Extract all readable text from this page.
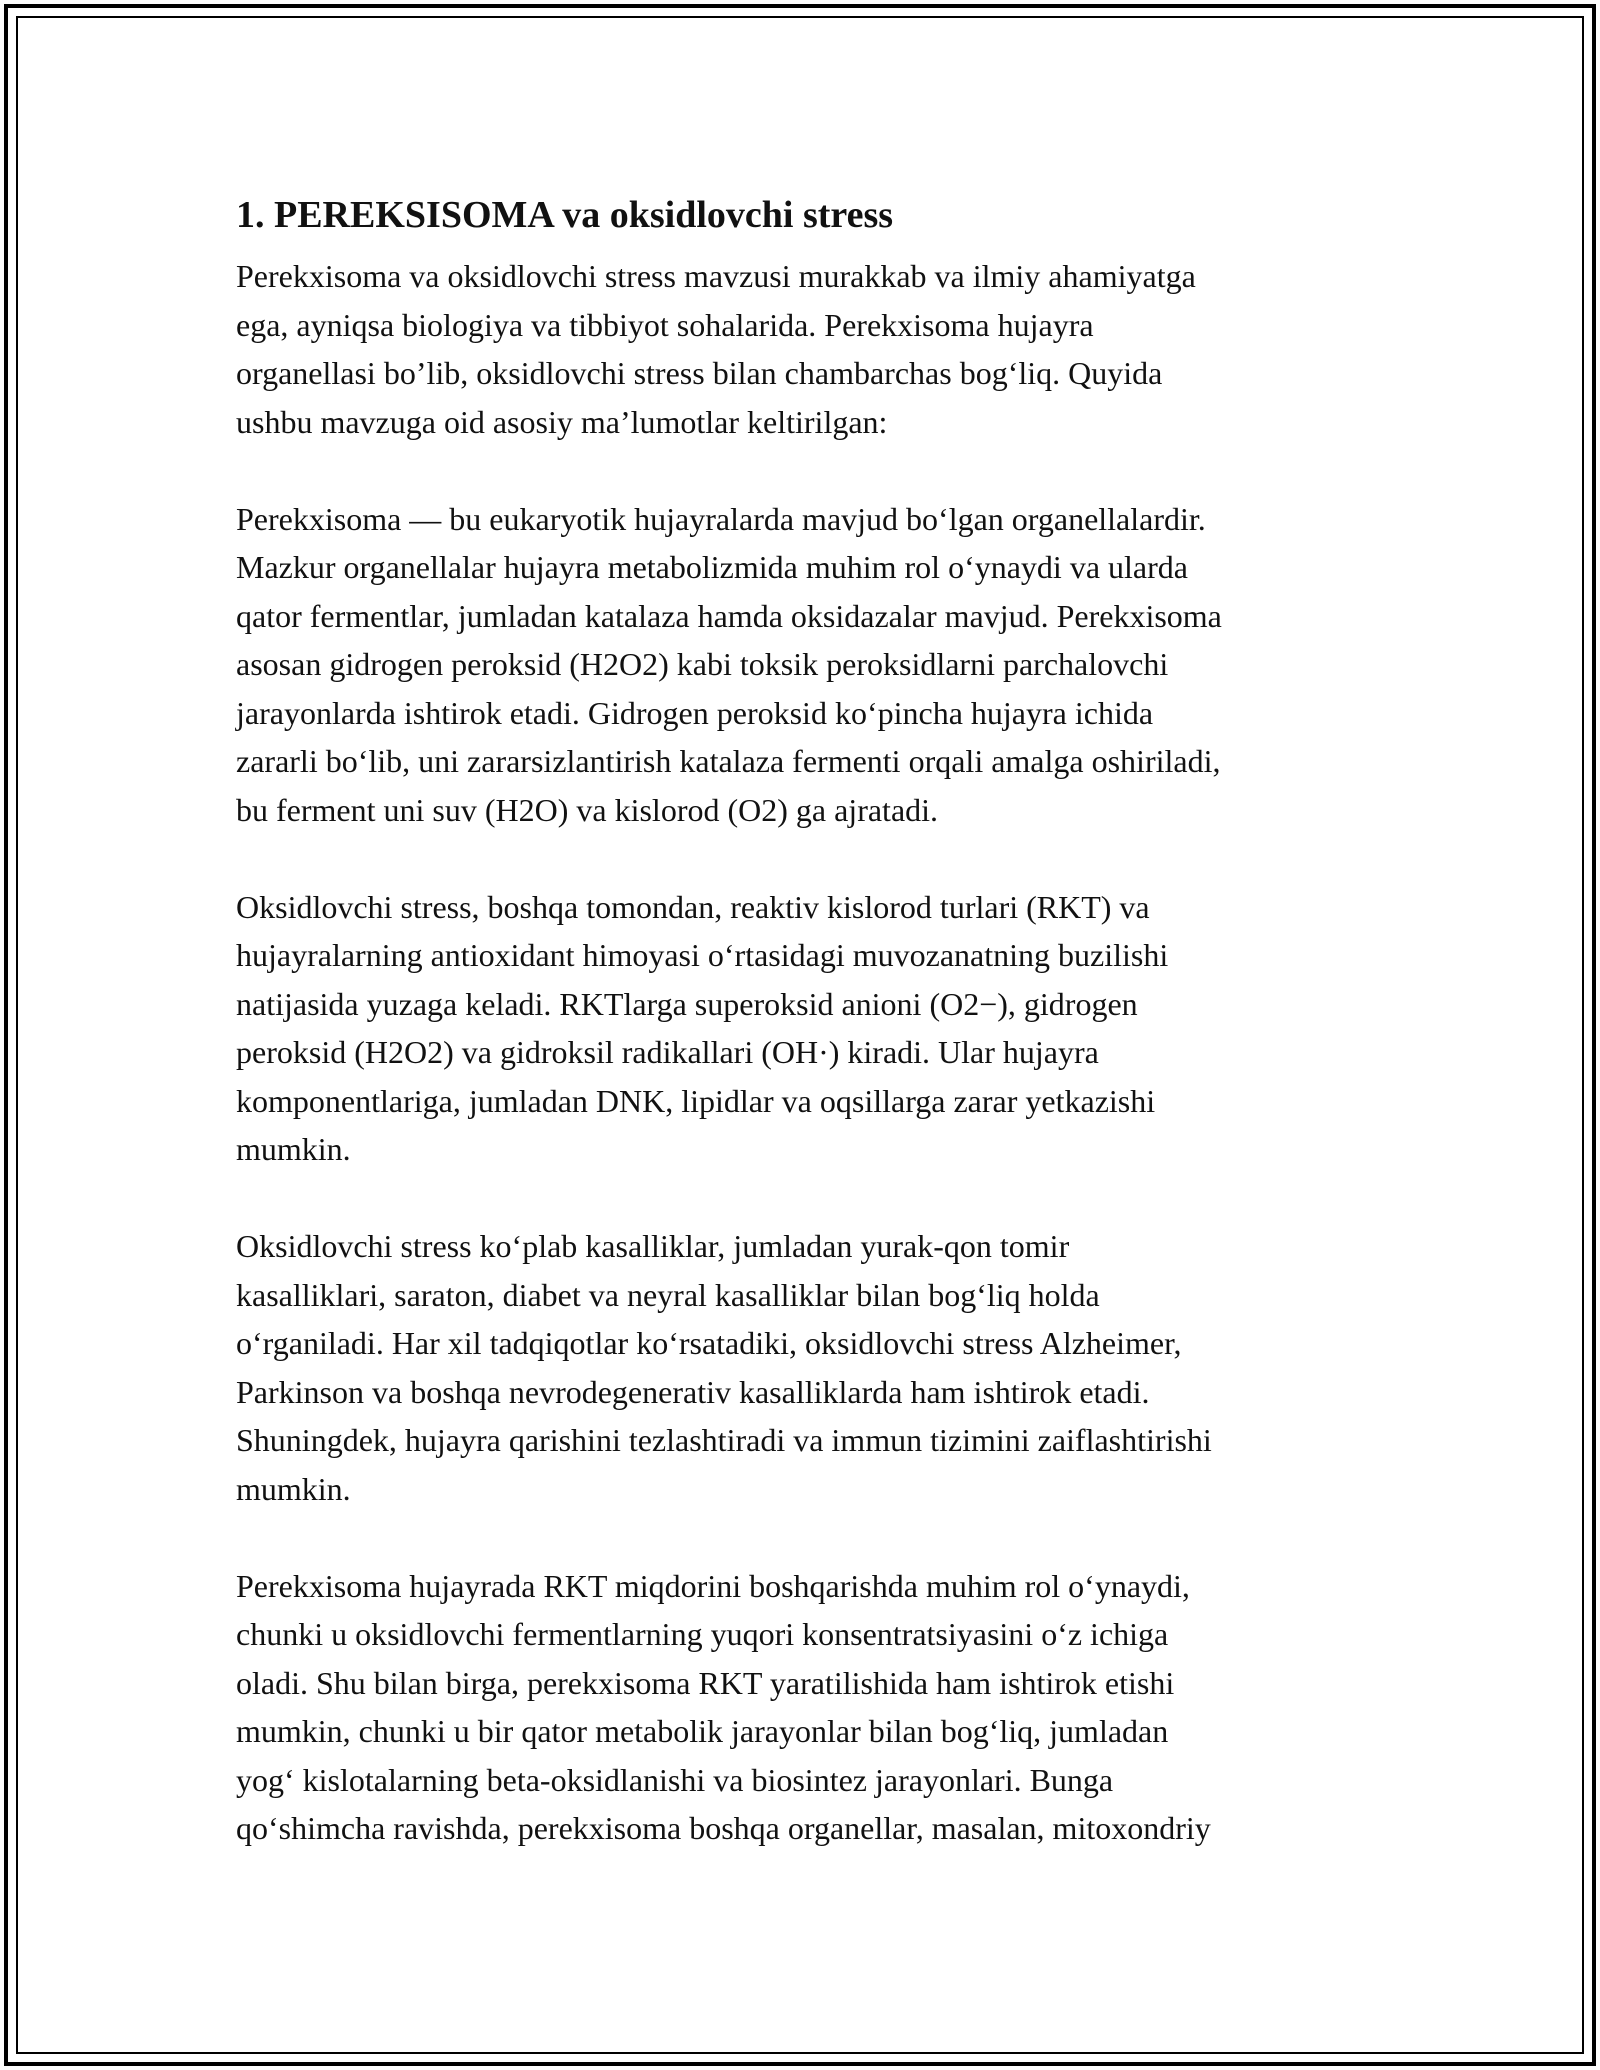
1. PEREKSISOMA va oksidlovchi stress

Perekxisoma va oksidlovchi stress mavzusi murakkab va ilmiy ahamiyatga
ega, ayniqsa biologiya va tibbiyot sohalarida. Perekxisoma hujayra
organellasi bo’lib, oksidlovchi stress bilan chambarchas bog‘liq. Quyida
ushbu mavzuga oid asosiy ma’lumotlar keltirilgan:

Perekxisoma — bu eukaryotik hujayralarda mavjud bo‘lgan organellalardir.
Mazkur organellalar hujayra metabolizmida muhim rol o‘ynaydi va ularda
qator fermentlar, jumladan katalaza hamda oksidazalar mavjud. Perekxisoma
asosan gidrogen peroksid (H2O2) kabi toksik peroksidlarni parchalovchi
jarayonlarda ishtirok etadi. Gidrogen peroksid ko‘pincha hujayra ichida
zararli bo‘lib, uni zararsizlantirish katalaza fermenti orqali amalga oshiriladi,
bu ferment uni suv (H2O) va kislorod (O2) ga ajratadi.

Oksidlovchi stress, boshqa tomondan, reaktiv kislorod turlari (RKT) va
hujayralarning antioxidant himoyasi o‘rtasidagi muvozanatning buzilishi
natijasida yuzaga keladi. RKTlarga superoksid anioni (O2−), gidrogen
peroksid (H2O2) va gidroksil radikallari (OH·) kiradi. Ular hujayra
komponentlariga, jumladan DNK, lipidlar va oqsillarga zarar yetkazishi
mumkin.

Oksidlovchi stress ko‘plab kasalliklar, jumladan yurak-qon tomir
kasalliklari, saraton, diabet va neyral kasalliklar bilan bog‘liq holda
o‘rganiladi. Har xil tadqiqotlar ko‘rsatadiki, oksidlovchi stress Alzheimer,
Parkinson va boshqa nevrodegenerativ kasalliklarda ham ishtirok etadi.
Shuningdek, hujayra qarishini tezlashtiradi va immun tizimini zaiflashtirishi
mumkin.

Perekxisoma hujayrada RKT miqdorini boshqarishda muhim rol o‘ynaydi,
chunki u oksidlovchi fermentlarning yuqori konsentratsiyasini o‘z ichiga
oladi. Shu bilan birga, perekxisoma RKT yaratilishida ham ishtirok etishi
mumkin, chunki u bir qator metabolik jarayonlar bilan bog‘liq, jumladan
yog‘ kislotalarning beta-oksidlanishi va biosintez jarayonlari. Bunga
qo‘shimcha ravishda, perekxisoma boshqa organellar, masalan, mitoxondriy
